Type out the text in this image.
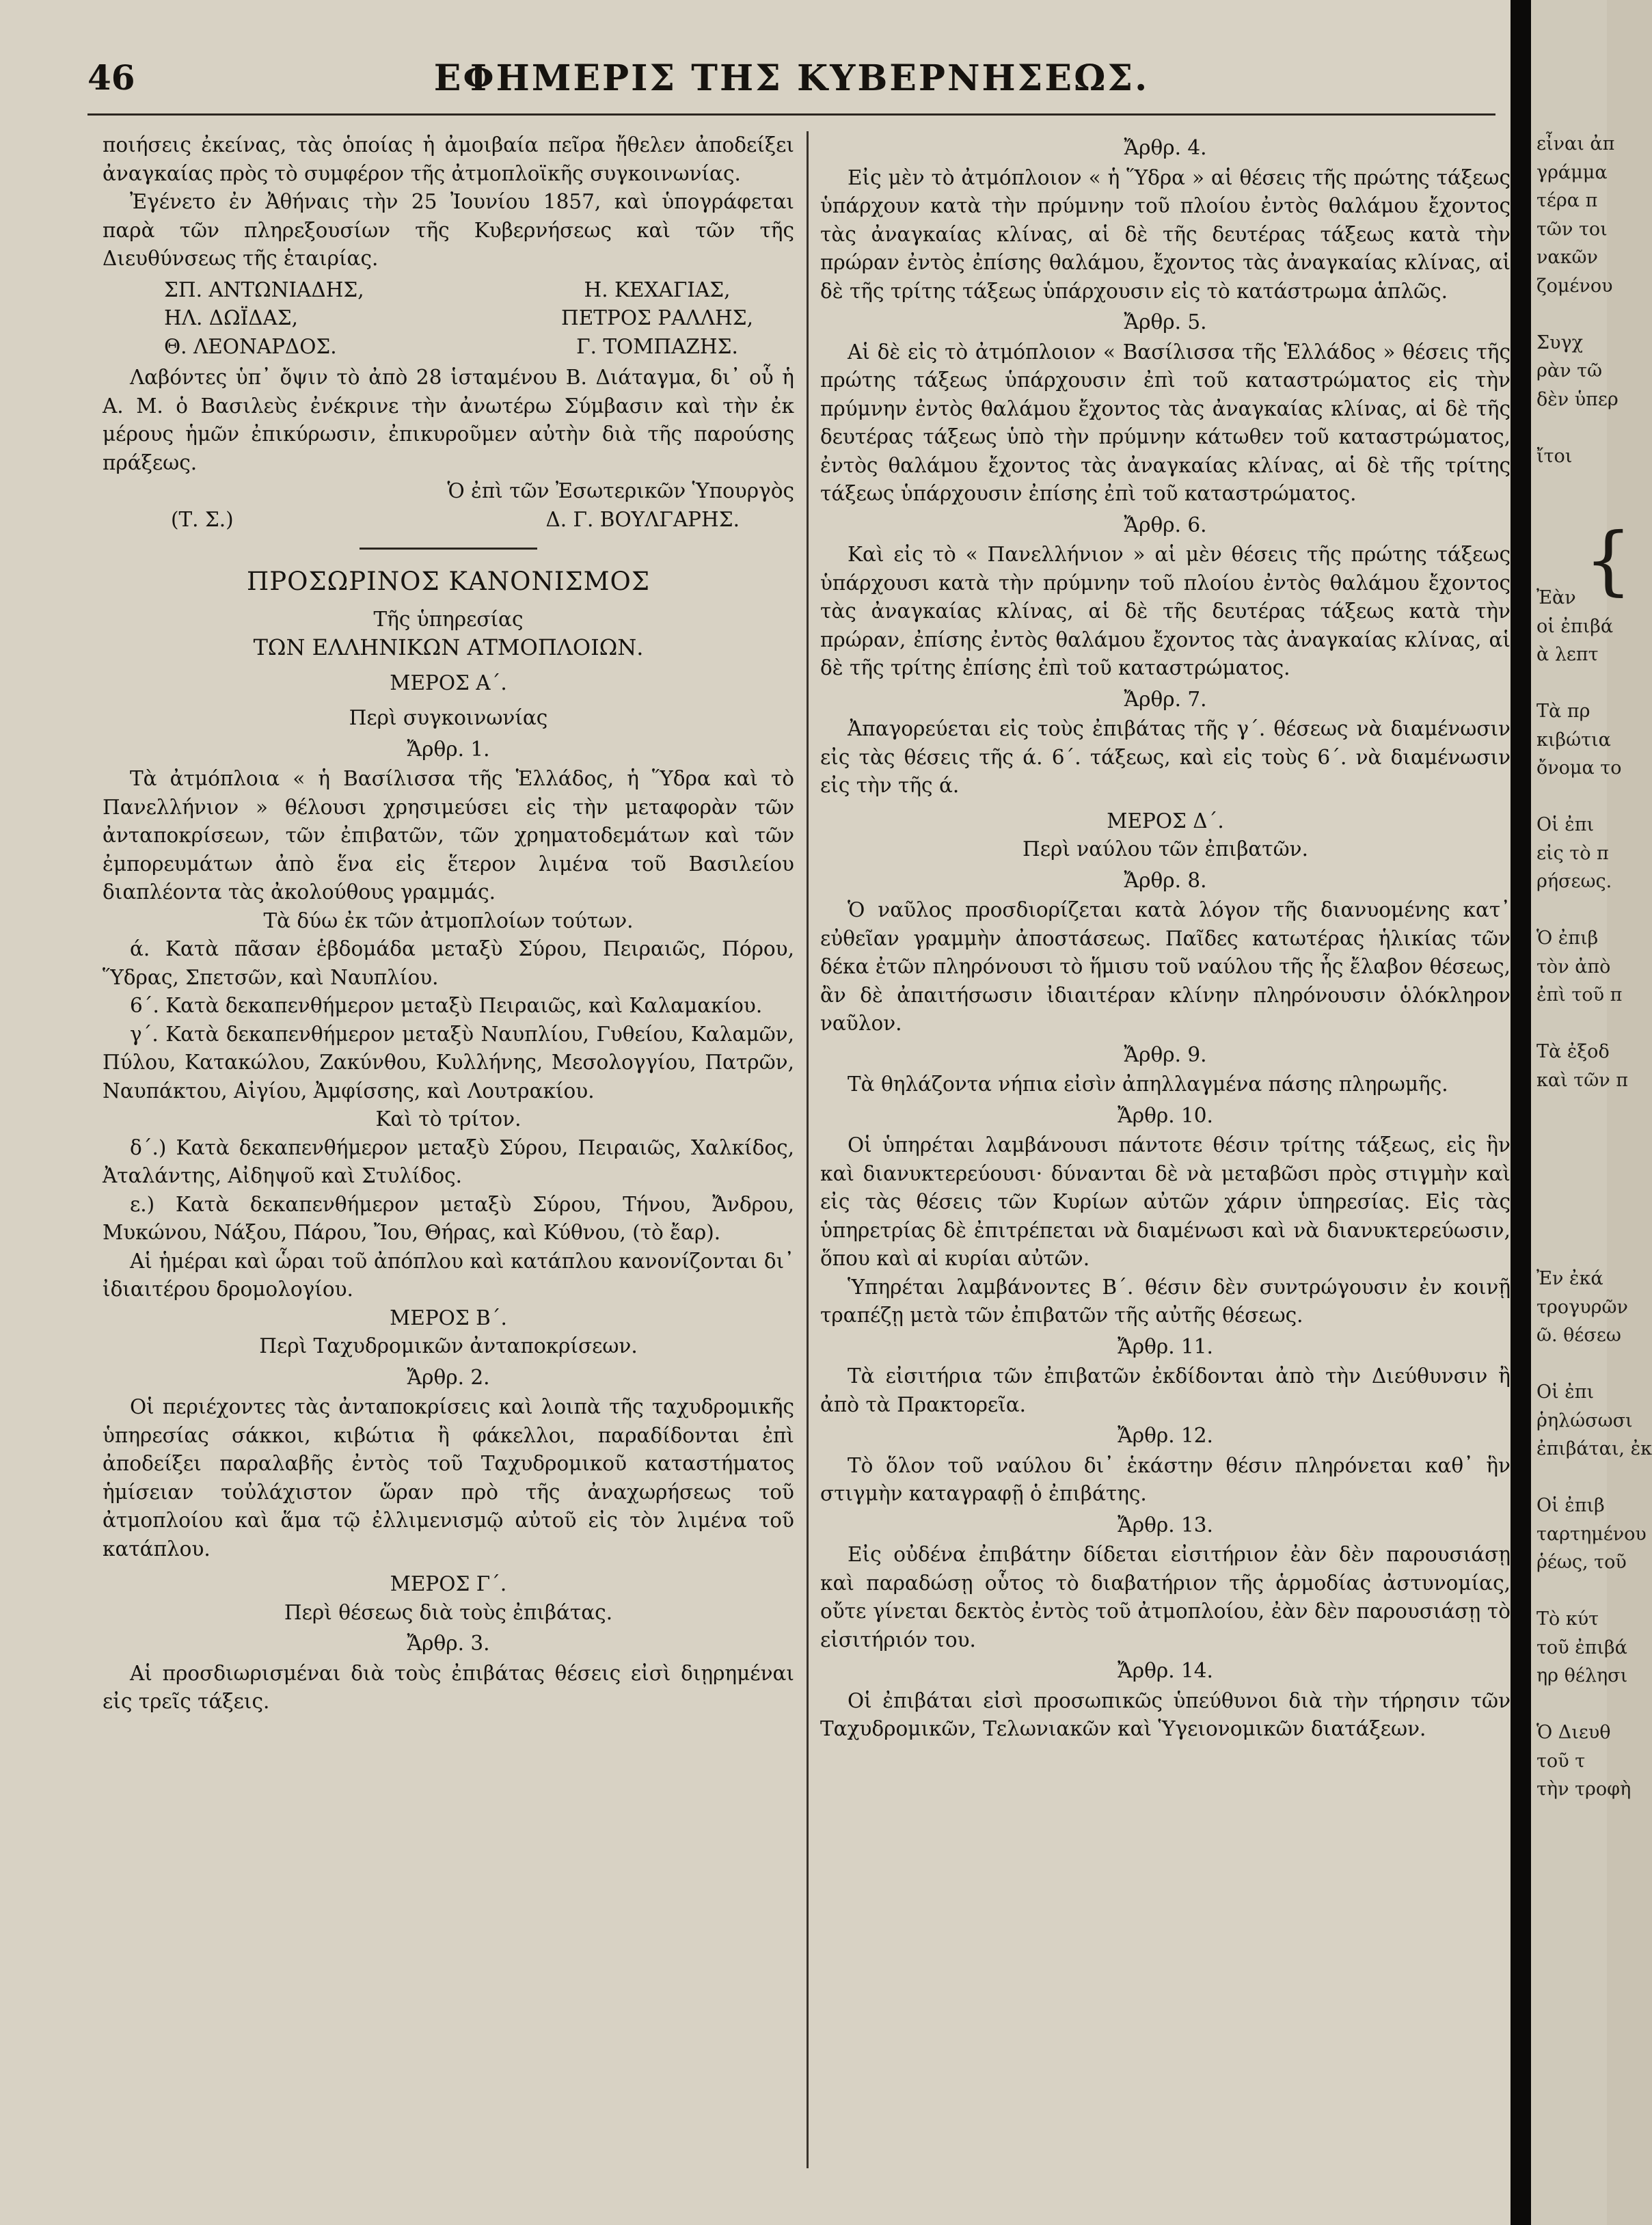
46	ΕΦΗΜΕΡΙΣ ΤΗΣ ΚΥΒΕΡΝΗΣΕΩΣ.

ποιήσεις ἐκείνας, τὰς ὁποίας ἡ ἀμοιβαία πεῖρα ἤθελεν ἀποδείξει ἀναγκαίας πρὸς τὸ συμφέρον τῆς ἀτμοπλοϊκῆς συγκοινωνίας.

Ἐγένετο ἐν Ἀθήναις τὴν 25 Ἰουνίου 1857, καὶ ὑπογράφεται παρὰ τῶν πληρεξουσίων τῆς Κυβερνήσεως καὶ τῶν τῆς Διευθύνσεως τῆς ἑταιρίας.

ΣΠ. ΑΝΤΩΝΙΑΔΗΣ,	Η. ΚΕΧΑΓΙΑΣ,
ΗΛ. ΔΩΪΔΑΣ,	ΠΕΤΡΟΣ ΡΑΛΛΗΣ,
Θ. ΛΕΟΝΑΡΔΟΣ.	Γ. ΤΟΜΠΑΖΗΣ.

Λαβόντες ὑπ᾽ ὄψιν τὸ ἀπὸ 28 ἱσταμένου Β. Διάταγμα, δι᾽ οὗ ἡ Α. Μ. ὁ Βασιλεὺς ἐνέκρινε τὴν ἀνωτέρω Σύμβασιν καὶ τὴν ἐκ μέρους ἡμῶν ἐπικύρωσιν, ἐπικυροῦμεν αὐτὴν διὰ τῆς παρούσης πράξεως.

Ὁ ἐπὶ τῶν Ἐσωτερικῶν Ὑπουργὸς

(Τ. Σ.)	Δ. Γ. ΒΟΥΛΓΑΡΗΣ.
ΠΡΟΣΩΡΙΝΟΣ ΚΑΝΟΝΙΣΜΟΣ

Τῆς ὑπηρεσίας

ΤΩΝ ΕΛΛΗΝΙΚΩΝ ΑΤΜΟΠΛΟΙΩΝ.

ΜΕΡΟΣ Α΄.

Περὶ συγκοινωνίας

Ἄρθρ. 1.

Τὰ ἀτμόπλοια « ἡ Βασίλισσα τῆς Ἑλλάδος, ἡ Ὕδρα καὶ τὸ Πανελλήνιον » θέλουσι χρησιμεύσει εἰς τὴν μεταφορὰν τῶν ἀνταποκρίσεων, τῶν ἐπιβατῶν, τῶν χρηματοδεμάτων καὶ τῶν ἐμπορευμάτων ἀπὸ ἕνα εἰς ἕτερον λιμένα τοῦ Βασιλείου διαπλέοντα τὰς ἀκολούθους γραμμάς.

Τὰ δύω ἐκ τῶν ἀτμοπλοίων τούτων.

ά. Κατὰ πᾶσαν ἑβδομάδα μεταξὺ Σύρου, Πειραιῶς, Πόρου, Ὕδρας, Σπετσῶν, καὶ Ναυπλίου.

6΄. Κατὰ δεκαπενθήμερον μεταξὺ Πειραιῶς, καὶ Καλαμακίου.

γ΄. Κατὰ δεκαπενθήμερον μεταξὺ Ναυπλίου, Γυθείου, Καλαμῶν, Πύλου, Κατακώλου, Ζακύνθου, Κυλλήνης, Μεσολογγίου, Πατρῶν, Ναυπάκτου, Αἰγίου, Ἀμφίσσης, καὶ Λουτρακίου.

Καὶ τὸ τρίτον.

δ΄.) Κατὰ δεκαπενθήμερον μεταξὺ Σύρου, Πειραιῶς, Χαλκίδος, Ἀταλάντης, Αἰδηψοῦ καὶ Στυλίδος.

ε.) Κατὰ δεκαπενθήμερον μεταξὺ Σύρου, Τήνου, Ἄνδρου, Μυκώνου, Νάξου, Πάρου, Ἴου, Θήρας, καὶ Κύθνου, (τὸ ἔαρ).

Αἱ ἡμέραι καὶ ὧραι τοῦ ἀπόπλου καὶ κατάπλου κανονίζονται δι᾽ ἰδιαιτέρου δρομολογίου.

ΜΕΡΟΣ Β΄.

Περὶ Ταχυδρομικῶν ἀνταποκρίσεων.

Ἄρθρ. 2.

Οἱ περιέχοντες τὰς ἀνταποκρίσεις καὶ λοιπὰ τῆς ταχυδρομικῆς ὑπηρεσίας σάκκοι, κιβώτια ἢ φάκελλοι, παραδίδονται ἐπὶ ἀποδείξει παραλαβῆς ἐντὸς τοῦ Ταχυδρομικοῦ καταστήματος ἡμίσειαν τοὐλάχιστον ὥραν πρὸ τῆς ἀναχωρήσεως τοῦ ἀτμοπλοίου καὶ ἅμα τῷ ἐλλιμενισμῷ αὐτοῦ εἰς τὸν λιμένα τοῦ κατάπλου.

ΜΕΡΟΣ Γ΄.

Περὶ θέσεως διὰ τοὺς ἐπιβάτας.

Ἄρθρ. 3.

Αἱ προσδιωρισμέναι διὰ τοὺς ἐπιβάτας θέσεις εἰσὶ διῃρημέναι εἰς τρεῖς τάξεις.

Ἄρθρ. 4.

Εἰς μὲν τὸ ἀτμόπλοιον « ἡ Ὕδρα » αἱ θέσεις τῆς πρώτης τάξεως ὑπάρχουν κατὰ τὴν πρύμνην τοῦ πλοίου ἐντὸς θαλάμου ἔχοντος τὰς ἀναγκαίας κλίνας, αἱ δὲ τῆς δευτέρας τάξεως κατὰ τὴν πρώραν ἐντὸς ἐπίσης θαλάμου, ἔχοντος τὰς ἀναγκαίας κλίνας, αἱ δὲ τῆς τρίτης τάξεως ὑπάρχουσιν εἰς τὸ κατάστρωμα ἁπλῶς.

Ἄρθρ. 5.

Αἱ δὲ εἰς τὸ ἀτμόπλοιον « Βασίλισσα τῆς Ἑλλάδος » θέσεις τῆς πρώτης τάξεως ὑπάρχουσιν ἐπὶ τοῦ καταστρώματος εἰς τὴν πρύμνην ἐντὸς θαλάμου ἔχοντος τὰς ἀναγκαίας κλίνας, αἱ δὲ τῆς δευτέρας τάξεως ὑπὸ τὴν πρύμνην κάτωθεν τοῦ καταστρώματος, ἐντὸς θαλάμου ἔχοντος τὰς ἀναγκαίας κλίνας, αἱ δὲ τῆς τρίτης τάξεως ὑπάρχουσιν ἐπίσης ἐπὶ τοῦ καταστρώματος.

Ἄρθρ. 6.

Καὶ εἰς τὸ « Πανελλήνιον » αἱ μὲν θέσεις τῆς πρώτης τάξεως ὑπάρχουσι κατὰ τὴν πρύμνην τοῦ πλοίου ἐντὸς θαλάμου ἔχοντος τὰς ἀναγκαίας κλίνας, αἱ δὲ τῆς δευτέρας τάξεως κατὰ τὴν πρώραν, ἐπίσης ἐντὸς θαλάμου ἔχοντος τὰς ἀναγκαίας κλίνας, αἱ δὲ τῆς τρίτης ἐπίσης ἐπὶ τοῦ καταστρώματος.

Ἄρθρ. 7.

Ἀπαγορεύεται εἰς τοὺς ἐπιβάτας τῆς γ΄. θέσεως νὰ διαμένωσιν εἰς τὰς θέσεις τῆς ά. 6΄. τάξεως, καὶ εἰς τοὺς 6΄. νὰ διαμένωσιν εἰς τὴν τῆς ά.

ΜΕΡΟΣ Δ΄.

Περὶ ναύλου τῶν ἐπιβατῶν.

Ἄρθρ. 8.

Ὁ ναῦλος προσδιορίζεται κατὰ λόγον τῆς διανυομένης κατ᾽ εὐθεῖαν γραμμὴν ἀποστάσεως. Παῖδες κατωτέρας ἡλικίας τῶν δέκα ἐτῶν πληρόνουσι τὸ ἥμισυ τοῦ ναύλου τῆς ἧς ἔλαβον θέσεως, ἂν δὲ ἀπαιτήσωσιν ἰδιαιτέραν κλίνην πληρόνουσιν ὁλόκληρον ναῦλον.

Ἄρθρ. 9.

Τὰ θηλάζοντα νήπια εἰσὶν ἀπηλλαγμένα πάσης πληρωμῆς.

Ἄρθρ. 10.

Οἱ ὑπηρέται λαμβάνουσι πάντοτε θέσιν τρίτης τάξεως, εἰς ἣν καὶ διανυκτερεύουσι· δύνανται δὲ νὰ μεταβῶσι πρὸς στιγμὴν καὶ εἰς τὰς θέσεις τῶν Κυρίων αὐτῶν χάριν ὑπηρεσίας. Εἰς τὰς ὑπηρετρίας δὲ ἐπιτρέπεται νὰ διαμένωσι καὶ νὰ διανυκτερεύωσιν, ὅπου καὶ αἱ κυρίαι αὐτῶν.

Ὑπηρέται λαμβάνοντες Β΄. θέσιν δὲν συντρώγουσιν ἐν κοινῇ τραπέζῃ μετὰ τῶν ἐπιβατῶν τῆς αὐτῆς θέσεως.

Ἄρθρ. 11.

Τὰ εἰσιτήρια τῶν ἐπιβατῶν ἐκδίδονται ἀπὸ τὴν Διεύθυνσιν ἢ ἀπὸ τὰ Πρακτορεῖα.

Ἄρθρ. 12.

Τὸ ὅλον τοῦ ναύλου δι᾽ ἑκάστην θέσιν πληρόνεται καθ᾽ ἣν στιγμὴν καταγραφῇ ὁ ἐπιβάτης.

Ἄρθρ. 13.

Εἰς οὐδένα ἐπιβάτην δίδεται εἰσιτήριον ἐὰν δὲν παρουσιάσῃ καὶ παραδώσῃ οὗτος τὸ διαβατήριον τῆς ἁρμοδίας ἀστυνομίας, οὔτε γίνεται δεκτὸς ἐντὸς τοῦ ἀτμοπλοίου, ἐὰν δὲν παρουσιάσῃ τὸ εἰσιτήριόν του.

Ἄρθρ. 14.

Οἱ ἐπιβάται εἰσὶ προσωπικῶς ὑπεύθυνοι διὰ τὴν τήρησιν τῶν Ταχυδρομικῶν, Τελωνιακῶν καὶ Ὑγειονομικῶν διατάξεων.

εἶναι ἀπ
γράμμα
τέρα π
τῶν τοι
νακῶν
ζομένου

Συγχ
ρὰν τῶ
δὲν ὑπερ

ἴτοι

Ἐὰν
οἱ ἐπιβά
ὰ λεπτ

Τὰ πρ
κιβώτια
ὄνομα το

Οἱ ἐπι
εἰς τὸ π
ρήσεως.

Ὁ ἐπιβ
τὸν ἀπὸ
ἐπὶ τοῦ π

Τὰ ἐξοδ
καὶ τῶν π

Ἐν ἐκά
τρογυρῶν
ῶ. θέσεω

Οἱ ἐπι
ῥηλώσωσι
ἐπιβάται, ἐκ

Οἱ ἐπιβ
ταρτημένου
ῥέως, τοῦ

Τὸ κύτ
τοῦ ἐπιβά
ηρ θέλησι

Ὁ Διευθ
τοῦ τ
τὴν τροφὴ
{
